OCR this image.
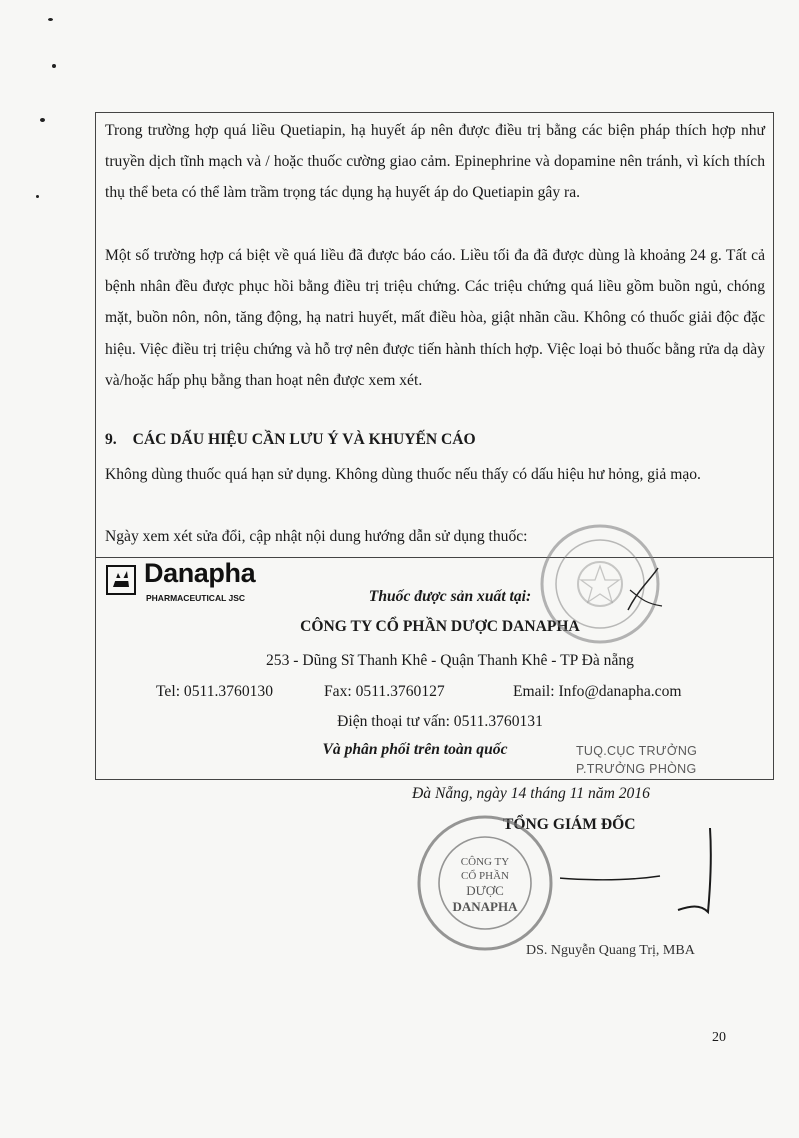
Trong trường hợp quá liều Quetiapin, hạ huyết áp nên được điều trị bằng các biện pháp thích hợp như truyền dịch tĩnh mạch và / hoặc thuốc cường giao cảm. Epinephrine và dopamine nên tránh, vì kích thích thụ thể beta có thể làm trầm trọng tác dụng hạ huyết áp do Quetiapin gây ra.
Một số trường hợp cá biệt về quá liều đã được báo cáo. Liều tối đa đã được dùng là khoảng 24 g. Tất cả bệnh nhân đều được phục hồi bằng điều trị triệu chứng. Các triệu chứng quá liều gồm buồn ngủ, chóng mặt, buồn nôn, nôn, tăng động, hạ natri huyết, mất điều hòa, giật nhãn cầu. Không có thuốc giải độc đặc hiệu. Việc điều trị triệu chứng và hỗ trợ nên được tiến hành thích hợp. Việc loại bỏ thuốc bằng rửa dạ dày và/hoặc hấp phụ bằng than hoạt nên được xem xét.
9. CÁC DẤU HIỆU CẦN LƯU Ý VÀ KHUYẾN CÁO
Không dùng thuốc quá hạn sử dụng. Không dùng thuốc nếu thấy có dấu hiệu hư hỏng, giả mạo.
Ngày xem xét sửa đổi, cập nhật nội dung hướng dẫn sử dụng thuốc:
Danapha
PHARMACEUTICAL JSC	Thuốc được sản xuất tại:
CÔNG TY CỔ PHẦN DƯỢC DANAPHA
253 - Dũng Sĩ Thanh Khê - Quận Thanh Khê - TP Đà nẵng
Tel: 0511.3760130	Fax: 0511.3760127	Email: Info@danapha.com
Điện thoại tư vấn: 0511.3760131
Và phân phối trên toàn quốc	TUQ.CỤC TRƯỞNG
P.TRƯỞNG PHÒNG
Đà Nẵng, ngày 14 tháng 11 năm 2016
TỔNG GIÁM ĐỐC
CÔNG TY
CỔ PHẦN
DƯỢC
DANAPHA
DS. Nguyễn Quang Trị, MBA
20
